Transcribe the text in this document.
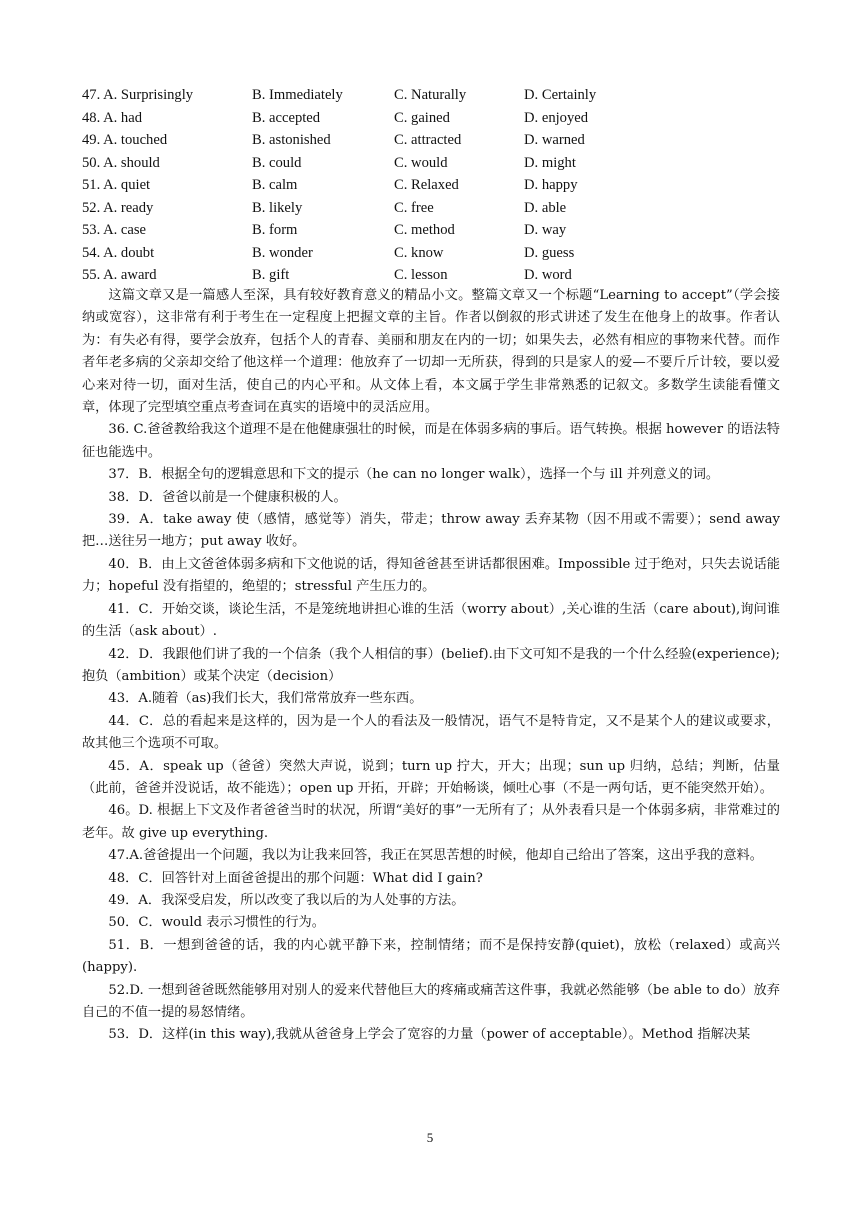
47. A. Surprisingly	B. Immediately	C. Naturally	D. Certainly
48. A. had	B. accepted	C. gained	D. enjoyed
49. A. touched	B. astonished	C. attracted	D. warned
50. A. should	B. could	C. would	D. might
51. A. quiet	B. calm	C. Relaxed	D. happy
52. A. ready	B. likely	C. free	D. able
53. A. case	B. form	C. method	D. way
54. A. doubt	B. wonder	C. know	D. guess
55. A. award	B. gift	C. lesson	D. word

这篇文章又是一篇感人至深，具有较好教育意义的精品小文。整篇文章又一个标题“Learning to accept”（学会接纳或宽容），这非常有利于考生在一定程度上把握文章的主旨。作者以倒叙的形式讲述了发生在他身上的故事。作者认为：有失必有得，要学会放弃，包括个人的青春、美丽和朋友在内的一切；如果失去，必然有相应的事物来代替。而作者年老多病的父亲却交给了他这样一个道理：他放弃了一切却一无所获，得到的只是家人的爱—不要斤斤计较，要以爱心来对待一切，面对生活，使自己的内心平和。从文体上看，本文属于学生非常熟悉的记叙文。多数学生读能看懂文章，体现了完型填空重点考查词在真实的语境中的灵活应用。

36. C.爸爸教给我这个道理不是在他健康强壮的时候，而是在体弱多病的事后。语气转换。根据 however 的语法特征也能选中。

37．B．根据全句的逻辑意思和下文的提示（he can no longer walk），选择一个与 ill 并列意义的词。

38．D．爸爸以前是一个健康积极的人。

39．A．take away 使（感情，感觉等）消失，带走；throw away 丢弃某物（因不用或不需要）；send away 把…送往另一地方；put away 收好。

40．B．由上文爸爸体弱多病和下文他说的话，得知爸爸甚至讲话都很困难。Impossible 过于绝对，只失去说话能力；hopeful 没有指望的，绝望的；stressful 产生压力的。

41．C．开始交谈，谈论生活，不是笼统地讲担心谁的生活（worry about）,关心谁的生活（care about),询问谁的生活（ask about）.

42．D．我跟他们讲了我的一个信条（我个人相信的事）(belief).由下文可知不是我的一个什么经验(experience);抱负（ambition）或某个决定（decision）

43．A.随着（as)我们长大，我们常常放弃一些东西。

44．C．总的看起来是这样的，因为是一个人的看法及一般情况，语气不是特肯定，又不是某个人的建议或要求，故其他三个选项不可取。

45．A．speak up（爸爸）突然大声说，说到；turn up 拧大，开大；出现；sun up 归纳，总结；判断，估量（此前，爸爸并没说话，故不能选）；open up 开拓，开辟；开始畅谈，倾吐心事（不是一两句话，更不能突然开始）。

46。D. 根据上下文及作者爸爸当时的状况，所谓“美好的事”一无所有了；从外表看只是一个体弱多病，非常难过的老年。故 give up everything.

47.A.爸爸提出一个问题，我以为让我来回答，我正在冥思苦想的时候，他却自己给出了答案，这出乎我的意料。

48．C．回答针对上面爸爸提出的那个问题：What did I gain?

49．A．我深受启发，所以改变了我以后的为人处事的方法。

50．C．would 表示习惯性的行为。

51．B．一想到爸爸的话，我的内心就平静下来，控制情绪；而不是保持安静(quiet)，放松（relaxed）或高兴(happy).

52.D. 一想到爸爸既然能够用对别人的爱来代替他巨大的疼痛或痛苦这件事，我就必然能够（be able to do）放弃自己的不值一提的易怒情绪。

53．D．这样(in this way),我就从爸爸身上学会了宽容的力量（power of acceptable）。Method 指解决某

5
